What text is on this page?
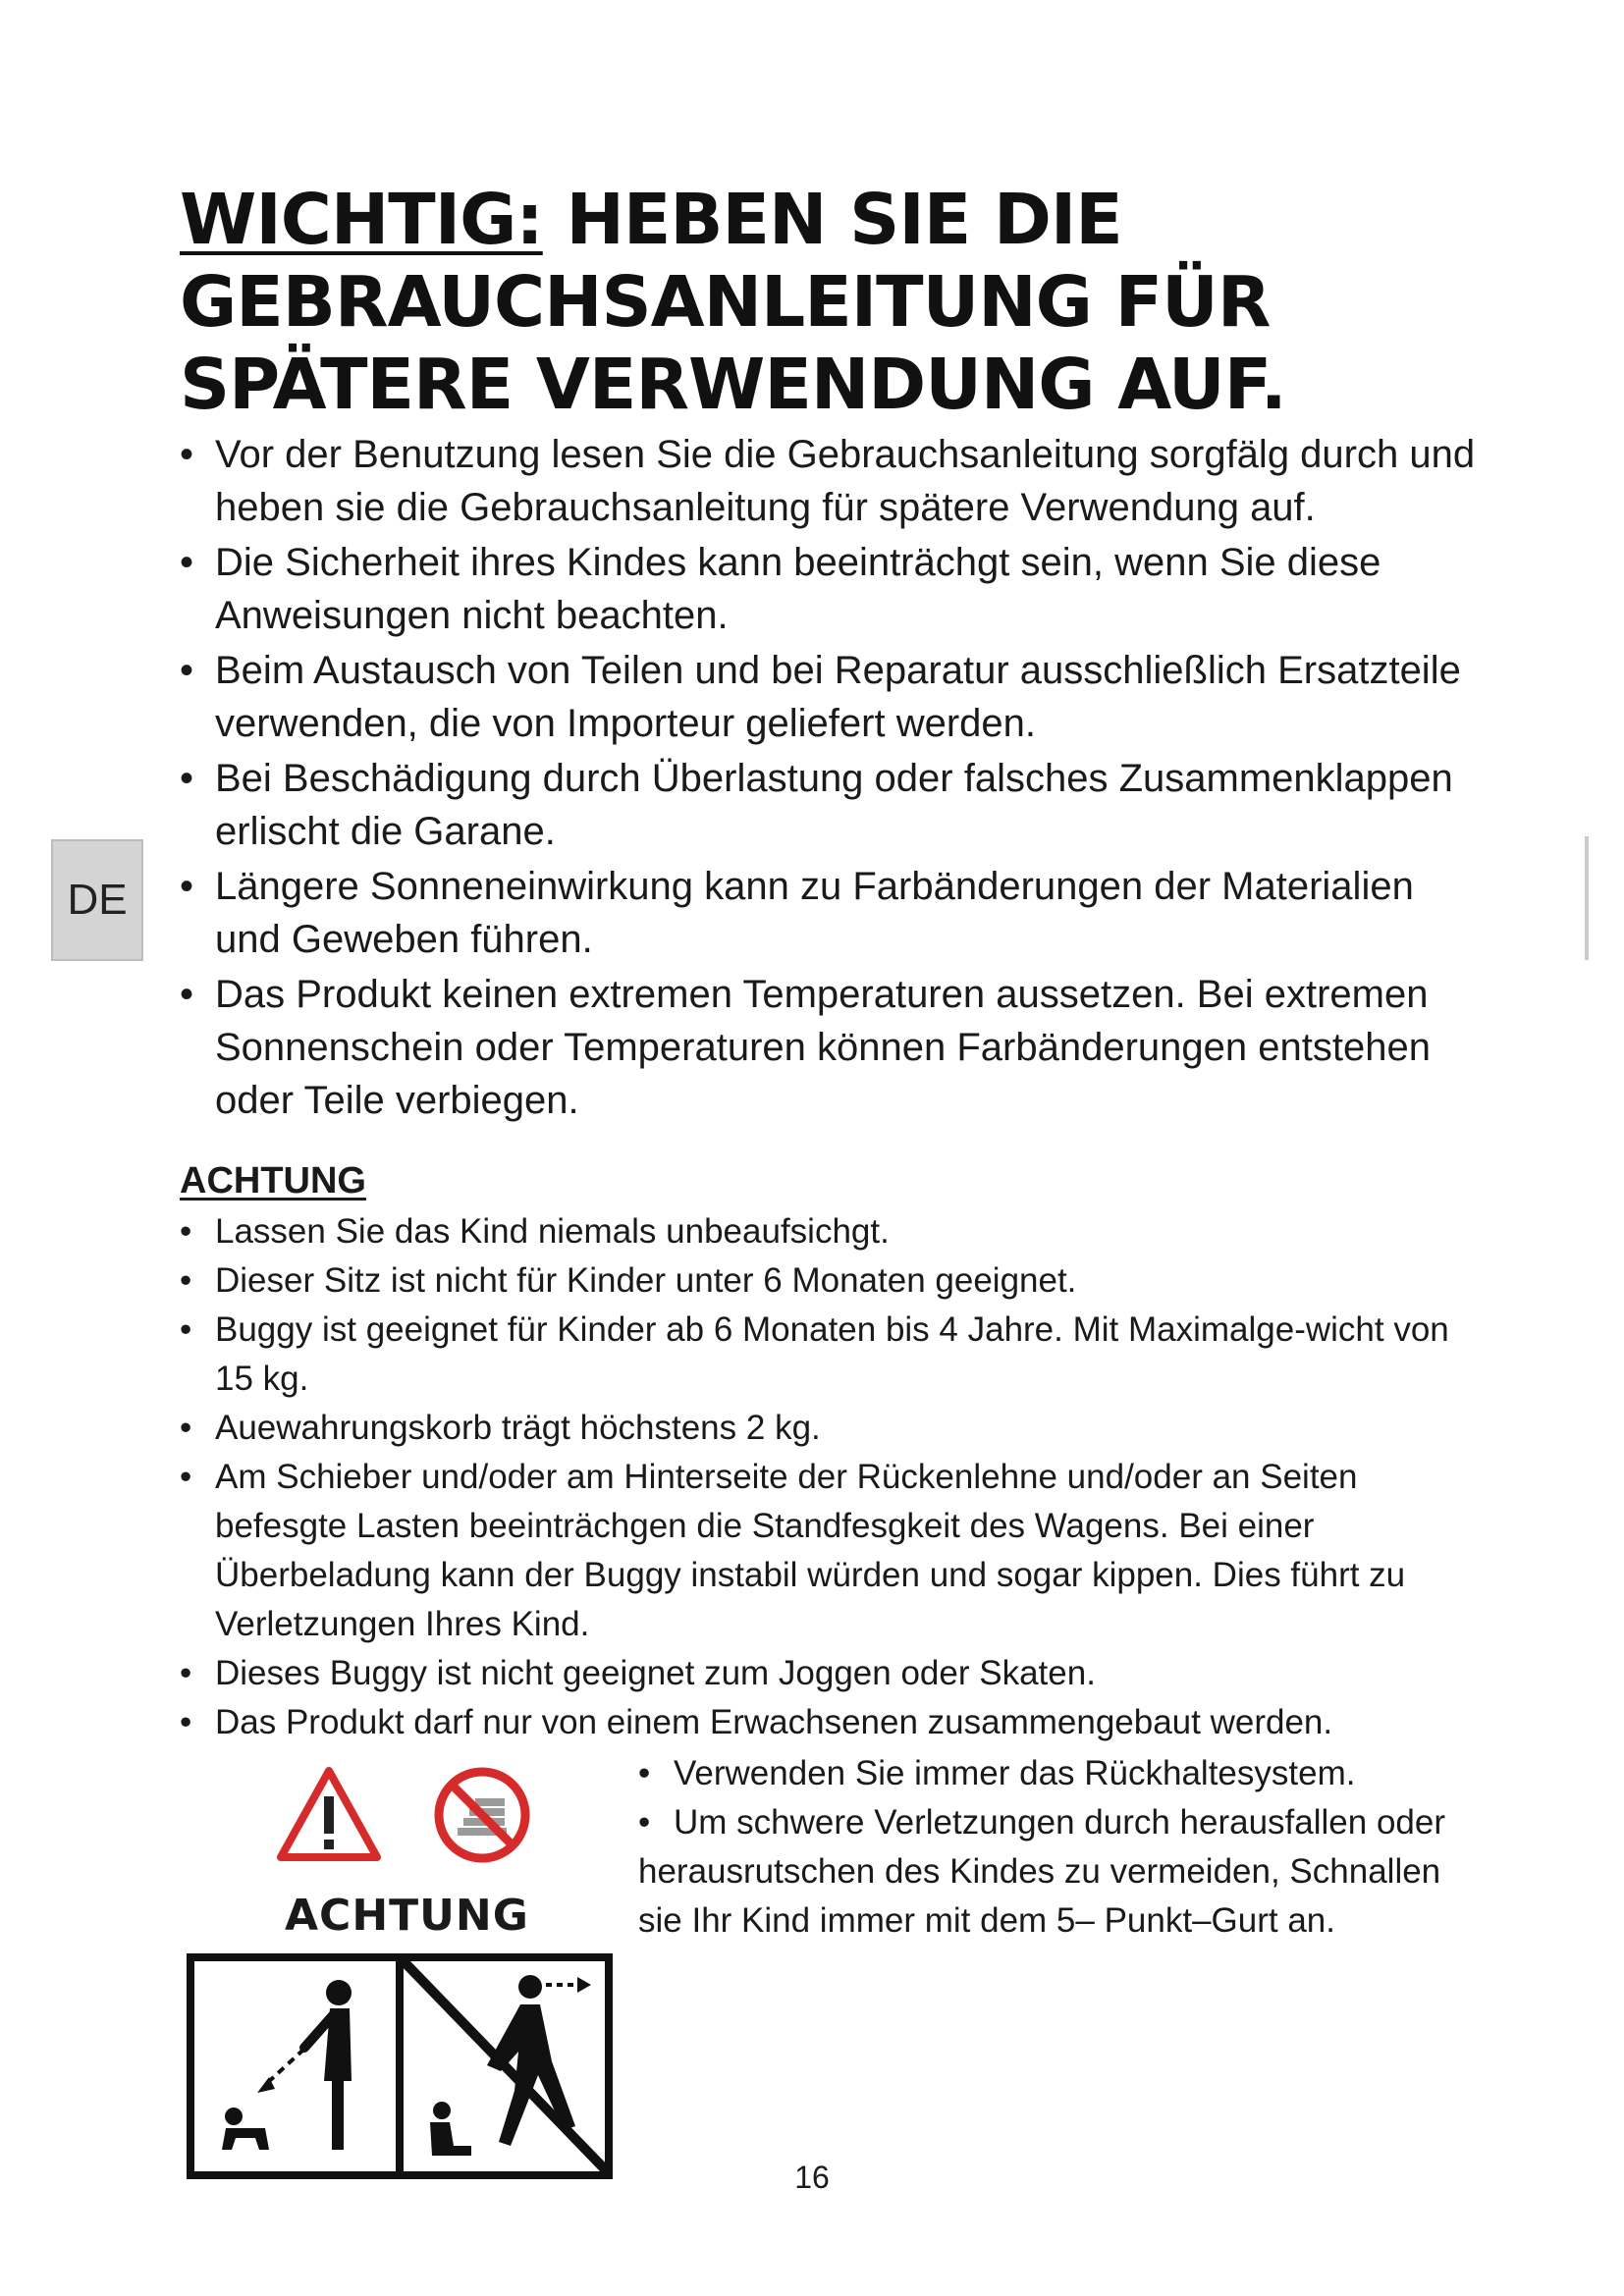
WICHTIG: HEBEN SIE DIE
GEBRAUCHSANLEITUNG FÜR
SPÄTERE VERWENDUNG AUF.
• Vor der Benutzung lesen Sie die Gebrauchsanleitung sorgfälg durch und heben sie die Gebrauchsanleitung für spätere Verwendung auf.
• Die Sicherheit ihres Kindes kann beeinträchgt sein, wenn Sie diese Anweisungen nicht beachten.
• Beim Austausch von Teilen und bei Reparatur ausschließlich Ersatzteile verwenden, die von Importeur geliefert werden.
• Bei Beschädigung durch Überlastung oder falsches Zusammenklappen erlischt die Garane.
• Längere Sonneneinwirkung kann zu Farbänderungen der Materialien und Geweben führen.
• Das Produkt keinen extremen Temperaturen aussetzen. Bei extremen Sonnenschein oder Temperaturen können Farbänderungen entstehen oder Teile verbiegen.
ACHTUNG
• Lassen Sie das Kind niemals unbeaufsichgt.
• Dieser Sitz ist nicht für Kinder unter 6 Monaten geeignet.
• Buggy ist geeignet für Kinder ab 6 Monaten bis 4 Jahre. Mit Maximalge-wicht von 15 kg.
• Auewahrungskorb trägt höchstens 2 kg.
• Am Schieber und/oder am Hinterseite der Rückenlehne und/oder an Seiten befesgte Lasten beeinträchgen die Standfesgkeit des Wagens. Bei einer Überbeladung kann der Buggy instabil würden und sogar kippen. Dies führt zu Verletzungen Ihres Kind.
• Dieses Buggy ist nicht geeignet zum Joggen oder Skaten.
• Das Produkt darf nur von einem Erwachsenen zusammengebaut werden.
• Verwenden Sie immer das Rückhaltesystem.
• Um schwere Verletzungen durch herausfallen oder herausrutschen des Kindes zu vermeiden, Schnallen sie Ihr Kind immer mit dem 5– Punkt–Gurt an.
ACHTUNG
DE
16
